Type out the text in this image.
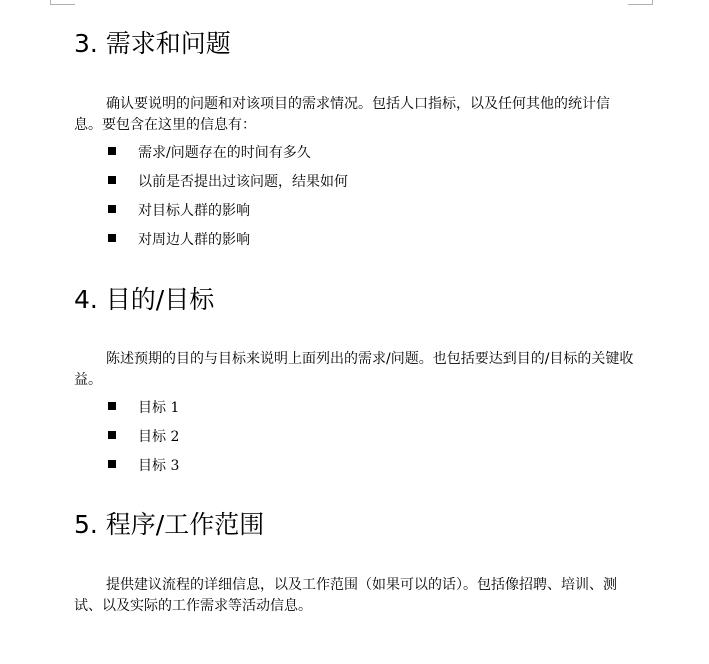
3. 需求和问题

确认要说明的问题和对该项目的需求情况。包括人口指标，以及任何其他的统计信息。要包含在这里的信息有：

需求/问题存在的时间有多久
以前是否提出过该问题，结果如何
对目标人群的影响
对周边人群的影响
4. 目的/目标

陈述预期的目的与目标来说明上面列出的需求/问题。也包括要达到目的/目标的关键收益。

目标 1
目标 2
目标 3
5. 程序/工作范围

提供建议流程的详细信息，以及工作范围（如果可以的话）。包括像招聘、培训、测试、以及实际的工作需求等活动信息。
